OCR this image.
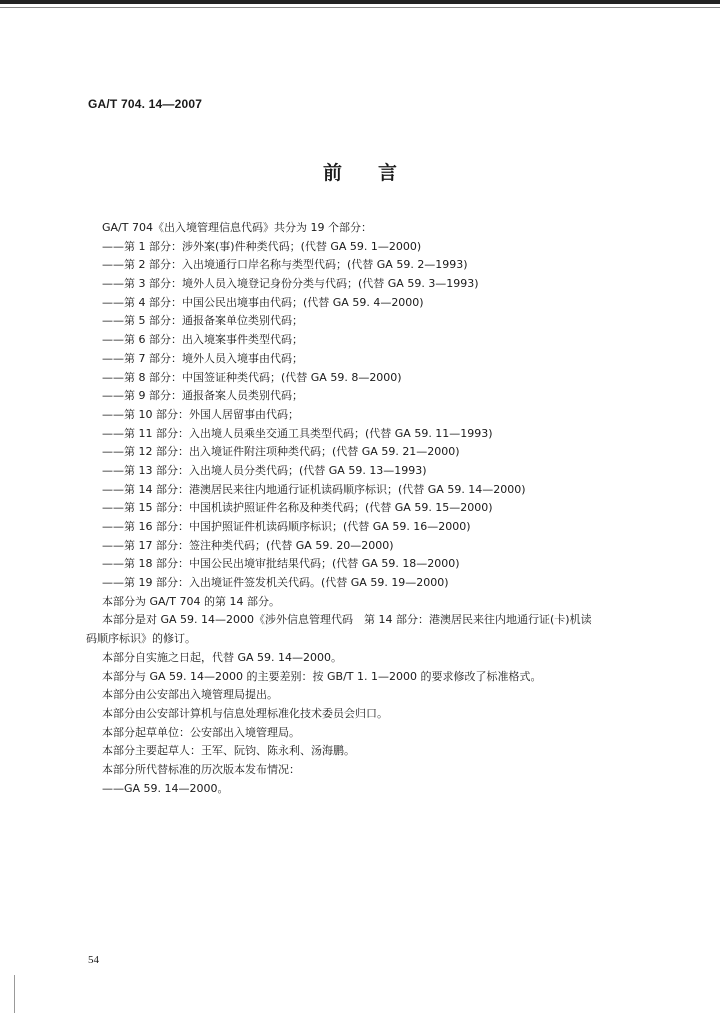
GA/T 704. 14—2007
前言
GA/T 704《出入境管理信息代码》共分为 19 个部分：
——第 1 部分：涉外案(事)件种类代码；(代替 GA 59. 1—2000)
——第 2 部分：入出境通行口岸名称与类型代码；(代替 GA 59. 2—1993)
——第 3 部分：境外人员入境登记身份分类与代码；(代替 GA 59. 3—1993)
——第 4 部分：中国公民出境事由代码；(代替 GA 59. 4—2000)
——第 5 部分：通报备案单位类别代码；
——第 6 部分：出入境案事件类型代码；
——第 7 部分：境外人员入境事由代码；
——第 8 部分：中国签证种类代码；(代替 GA 59. 8—2000)
——第 9 部分：通报备案人员类别代码；
——第 10 部分：外国人居留事由代码；
——第 11 部分：入出境人员乘坐交通工具类型代码；(代替 GA 59. 11—1993)
——第 12 部分：出入境证件附注项种类代码；(代替 GA 59. 21—2000)
——第 13 部分：入出境人员分类代码；(代替 GA 59. 13—1993)
——第 14 部分：港澳居民来往内地通行证机读码顺序标识；(代替 GA 59. 14—2000)
——第 15 部分：中国机读护照证件名称及种类代码；(代替 GA 59. 15—2000)
——第 16 部分：中国护照证件机读码顺序标识；(代替 GA 59. 16—2000)
——第 17 部分：签注种类代码；(代替 GA 59. 20—2000)
——第 18 部分：中国公民出境审批结果代码；(代替 GA 59. 18—2000)
——第 19 部分：入出境证件签发机关代码。(代替 GA 59. 19—2000)
本部分为 GA/T 704 的第 14 部分。
本部分是对 GA 59. 14—2000《涉外信息管理代码　第 14 部分：港澳居民来往内地通行证(卡)机读
码顺序标识》的修订。
本部分自实施之日起，代替 GA 59. 14—2000。
本部分与 GA 59. 14—2000 的主要差别：按 GB/T 1. 1—2000 的要求修改了标准格式。
本部分由公安部出入境管理局提出。
本部分由公安部计算机与信息处理标准化技术委员会归口。
本部分起草单位：公安部出入境管理局。
本部分主要起草人：王军、阮钧、陈永利、汤海鹏。
本部分所代替标准的历次版本发布情况：
——GA 59. 14—2000。
54
